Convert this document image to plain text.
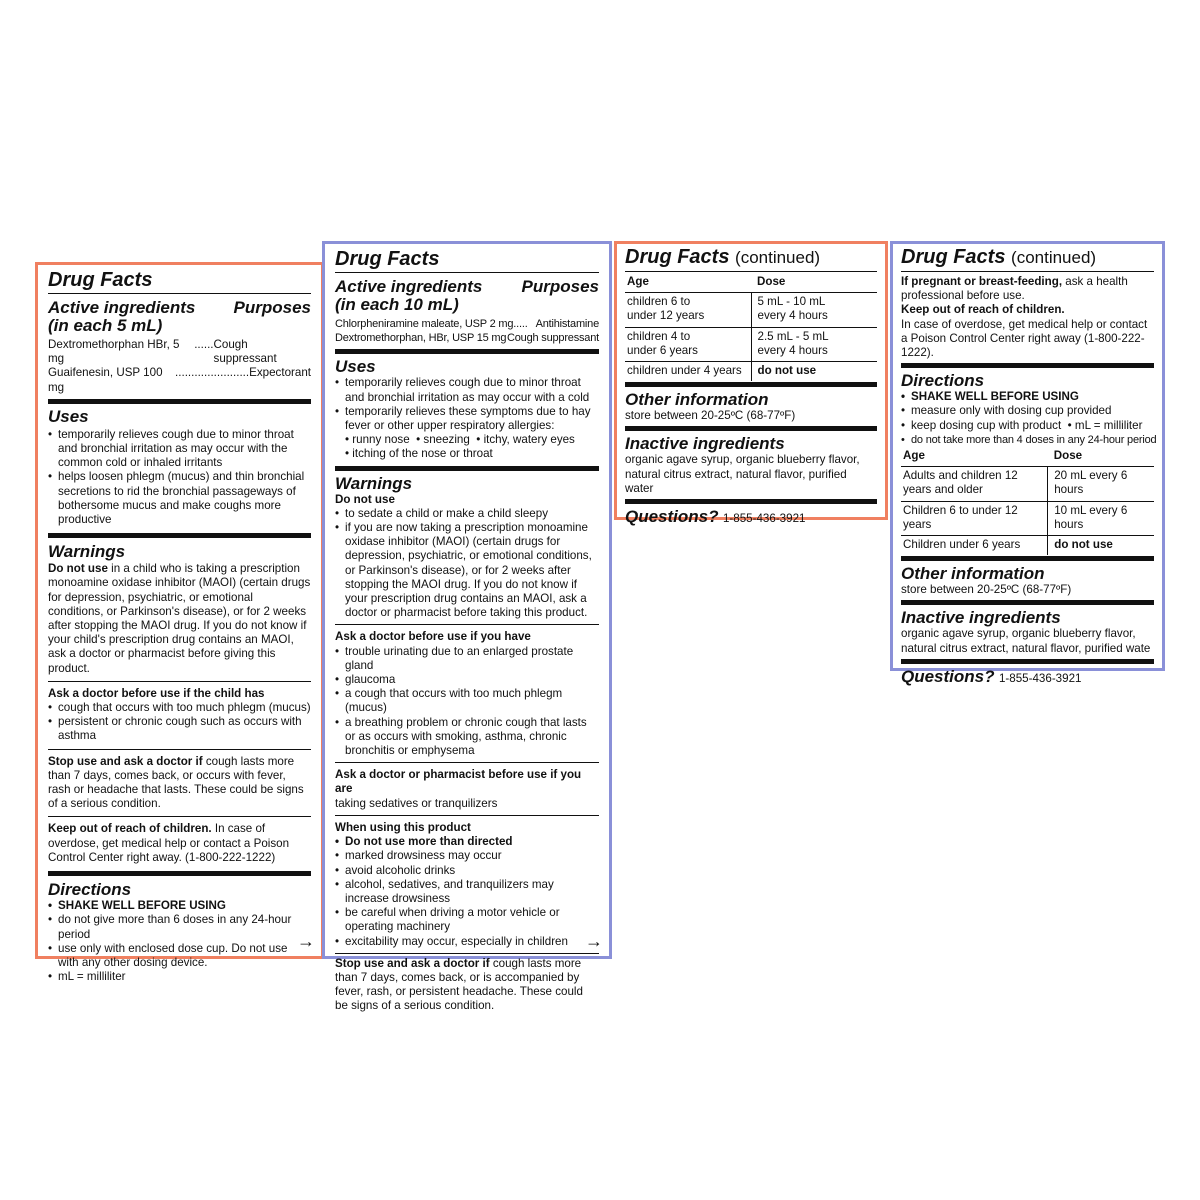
Drug Facts
Active ingredients Purposes
(in each 5 mL)
Dextromethorphan HBr, 5 mg
...... Cough suppressant
Guaifenesin, USP 100 mg
....................... Expectorant
Uses
• temporarily relieves cough due to minor throat and bronchial irritation as may occur with the common cold or inhaled irritants
• helps loosen phlegm (mucus) and thin bronchial secretions to rid the bronchial passageways of bothersome mucus and make coughs more productive
Warnings
Do not use in a child who is taking a prescription monoamine oxidase inhibitor (MAOI) (certain drugs for depression, psychiatric, or emotional conditions, or Parkinson's disease), or for 2 weeks after stopping the MAOI drug. If you do not know if your child's prescription drug contains an MAOI, ask a doctor or pharmacist before giving this product.
Ask a doctor before use if the child has
• cough that occurs with too much phlegm (mucus)
• persistent or chronic cough such as occurs with asthma
Stop use and ask a doctor if cough lasts more than 7 days, comes back, or occurs with fever, rash or headache that lasts. These could be signs of a serious condition.
Keep out of reach of children. In case of overdose, get medical help or contact a Poison Control Center right away. (1-800-222-1222)
Directions
• SHAKE WELL BEFORE USING
• do not give more than 6 doses in any 24-hour period
• use only with enclosed dose cup. Do not use with any other dosing device.
• mL = milliliter
→
Drug Facts
Active ingredients Purposes
(in each 10 mL)
Chlorpheniramine maleate, USP 2 mg ..... Antihistamine
Dextromethorphan, HBr, USP 15 mg Cough suppressant
Uses
• temporarily relieves cough due to minor throat and bronchial irritation as may occur with a cold
• temporarily relieves these symptoms due to hay fever or other upper respiratory allergies:
• runny nose  • sneezing  • itchy, watery eyes
• itching of the nose or throat
Warnings
Do not use
• to sedate a child or make a child sleepy
• if you are now taking a prescription monoamine oxidase inhibitor (MAOI) (certain drugs for depression, psychiatric, or emotional conditions, or Parkinson's disease), or for 2 weeks after stopping the MAOI drug. If you do not know if your prescription drug contains an MAOI, ask a doctor or pharmacist before taking this product.
Ask a doctor before use if you have
• trouble urinating due to an enlarged prostate gland
• glaucoma
• a cough that occurs with too much phlegm (mucus)
• a breathing problem or chronic cough that lasts or as occurs with smoking, asthma, chronic bronchitis or emphysema
Ask a doctor or pharmacist before use if you are
taking sedatives or tranquilizers
When using this product
• Do not use more than directed
• marked drowsiness may occur
• avoid alcoholic drinks
• alcohol, sedatives, and tranquilizers may increase drowsiness
• be careful when driving a motor vehicle or operating machinery
• excitability may occur, especially in children
Stop use and ask a doctor if cough lasts more than 7 days, comes back, or is accompanied by fever, rash, or persistent headache. These could be signs of a serious condition.
→
Drug Facts (continued)
Age	Dose
children 6 to under 12 years	5 mL - 10 mL every 4 hours
children 4 to under 6 years	2.5 mL - 5 mL every 4 hours
children under 4 years	do not use
Other information
store between 20-25ºC (68-77ºF)
Inactive ingredients
organic agave syrup, organic blueberry flavor, natural citrus extract, natural flavor, purified water
Questions? 1-855-436-3921
Drug Facts (continued)
If pregnant or breast-feeding, ask a health professional before use.
Keep out of reach of children.
In case of overdose, get medical help or contact a Poison Control Center right away (1-800-222-1222).
Directions
• SHAKE WELL BEFORE USING
• measure only with dosing cup provided
• keep dosing cup with product  • mL = milliliter
• do not take more than 4 doses in any 24-hour period
Age	Dose
Adults and children 12 years and older	20 mL every 6 hours
Children 6 to under 12 years	10 mL every 6 hours
Children under 6 years	do not use
Other information
store between 20-25ºC (68-77ºF)
Inactive ingredients
organic agave syrup, organic blueberry flavor, natural citrus extract, natural flavor, purified wate
Questions? 1-855-436-3921
